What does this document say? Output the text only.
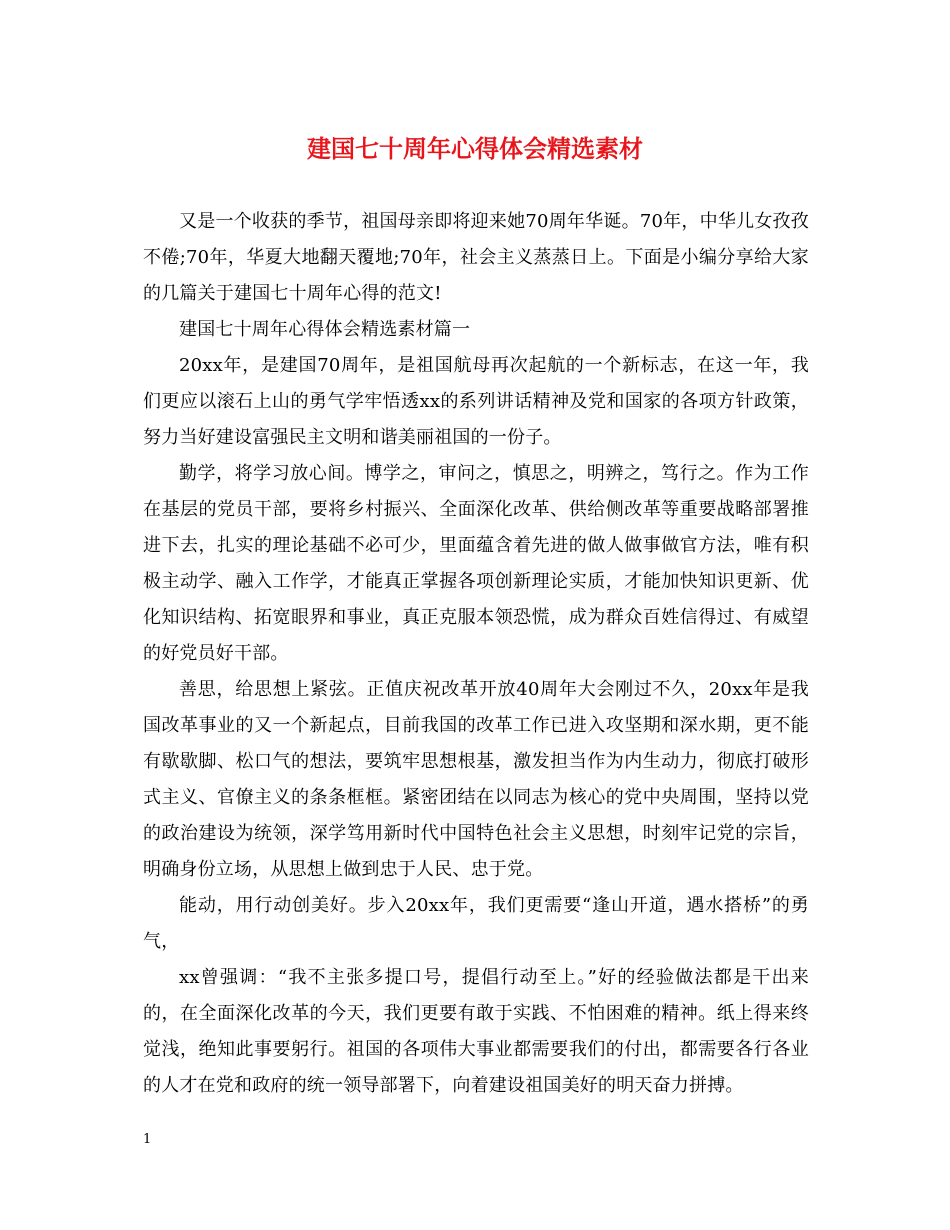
建国七十周年心得体会精选素材

又是一个收获的季节，祖国母亲即将迎来她70周年华诞。70年，中华儿女孜孜不倦;70年，华夏大地翻天覆地;70年，社会主义蒸蒸日上。下面是小编分享给大家的几篇关于建国七十周年心得的范文!

建国七十周年心得体会精选素材篇一

20xx年，是建国70周年，是祖国航母再次起航的一个新标志，在这一年，我们更应以滚石上山的勇气学牢悟透xx的系列讲话精神及党和国家的各项方针政策，努力当好建设富强民主文明和谐美丽祖国的一份子。

勤学，将学习放心间。博学之，审问之，慎思之，明辨之，笃行之。作为工作在基层的党员干部，要将乡村振兴、全面深化改革、供给侧改革等重要战略部署推进下去，扎实的理论基础不必可少，里面蕴含着先进的做人做事做官方法，唯有积极主动学、融入工作学，才能真正掌握各项创新理论实质，才能加快知识更新、优化知识结构、拓宽眼界和事业，真正克服本领恐慌，成为群众百姓信得过、有威望的好党员好干部。

善思，给思想上紧弦。正值庆祝改革开放40周年大会刚过不久，20xx年是我国改革事业的又一个新起点，目前我国的改革工作已进入攻坚期和深水期，更不能有歇歇脚、松口气的想法，要筑牢思想根基，激发担当作为内生动力，彻底打破形式主义、官僚主义的条条框框。紧密团结在以同志为核心的党中央周围，坚持以党的政治建设为统领，深学笃用新时代中国特色社会主义思想，时刻牢记党的宗旨，明确身份立场，从思想上做到忠于人民、忠于党。

能动，用行动创美好。步入20xx年，我们更需要“逢山开道，遇水搭桥”的勇气，

xx曾强调：“我不主张多提口号，提倡行动至上。”好的经验做法都是干出来的，在全面深化改革的今天，我们更要有敢于实践、不怕困难的精神。纸上得来终觉浅，绝知此事要躬行。祖国的各项伟大事业都需要我们的付出，都需要各行各业的人才在党和政府的统一领导部署下，向着建设祖国美好的明天奋力拼搏。

1
